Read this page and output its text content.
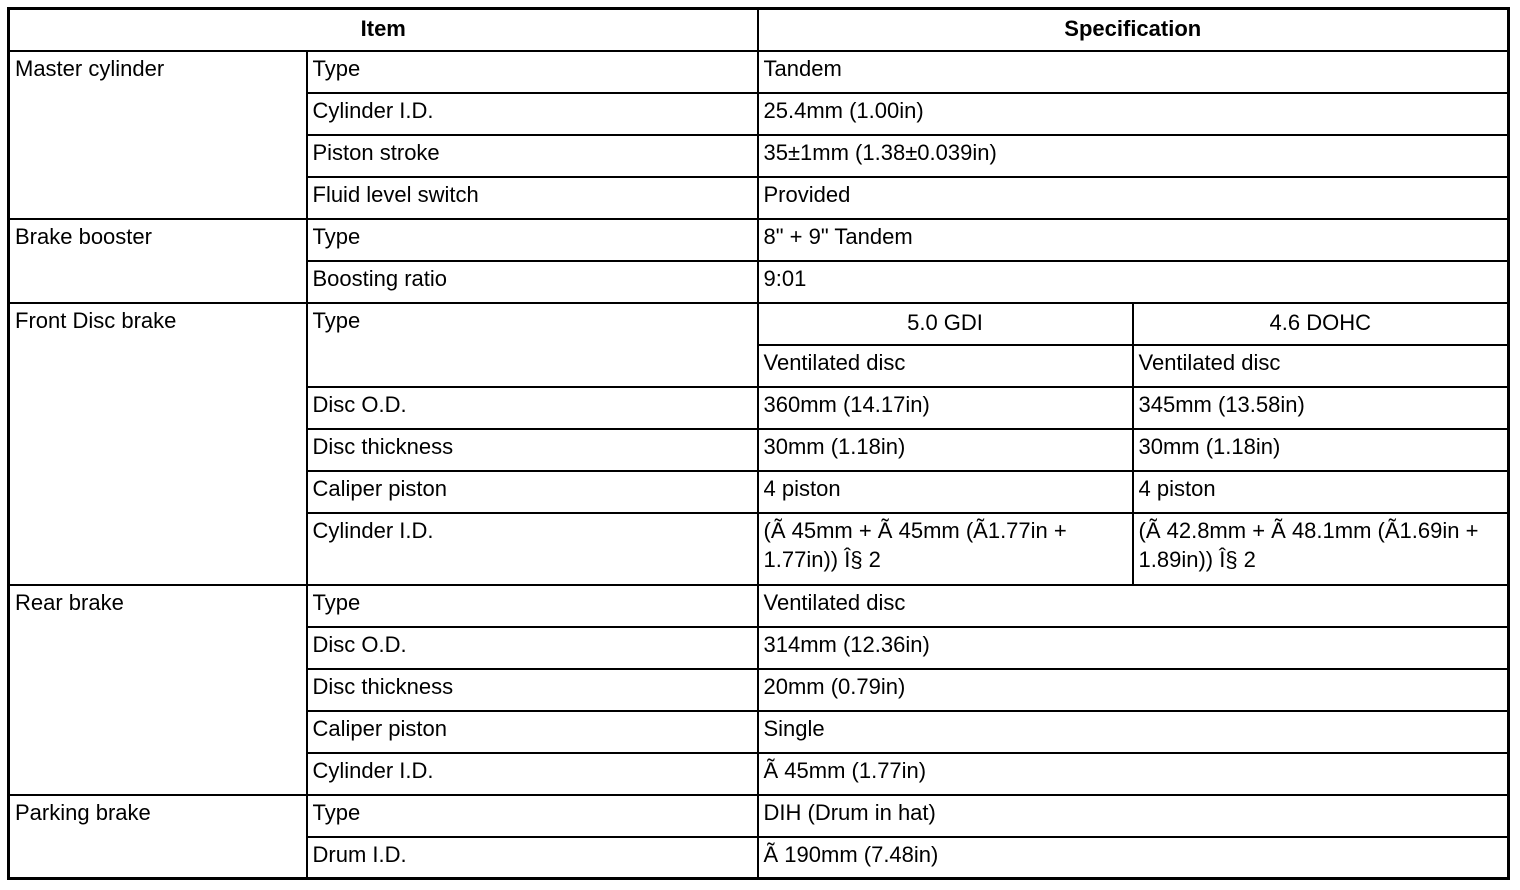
Item		Specification	
Master cylinder	Type	Tandem	
	Cylinder I.D.	25.4mm (1.00in)	
	Piston stroke	35±1mm (1.38±0.039in)	
	Fluid level switch	Provided	
Brake booster	Type	8" + 9" Tandem	
	Boosting ratio	9:01	
Front Disc brake	Type	5.0 GDI	4.6 DOHC
		Ventilated disc	Ventilated disc
	Disc O.D.	360mm (14.17in)	345mm (13.58in)
	Disc thickness	30mm (1.18in)	30mm (1.18in)
	Caliper piston	4 piston	4 piston
	Cylinder I.D.	(Ã 45mm + Ã 45mm (Ã1.77in + 1.77in)) Î§ 2	(Ã 42.8mm + Ã 48.1mm (Ã1.69in + 1.89in)) Î§ 2
Rear brake	Type	Ventilated disc	
	Disc O.D.	314mm (12.36in)	
	Disc thickness	20mm (0.79in)	
	Caliper piston	Single	
	Cylinder I.D.	Ã 45mm (1.77in)	
Parking brake	Type	DIH (Drum in hat)	
	Drum I.D.	Ã 190mm (7.48in)	
